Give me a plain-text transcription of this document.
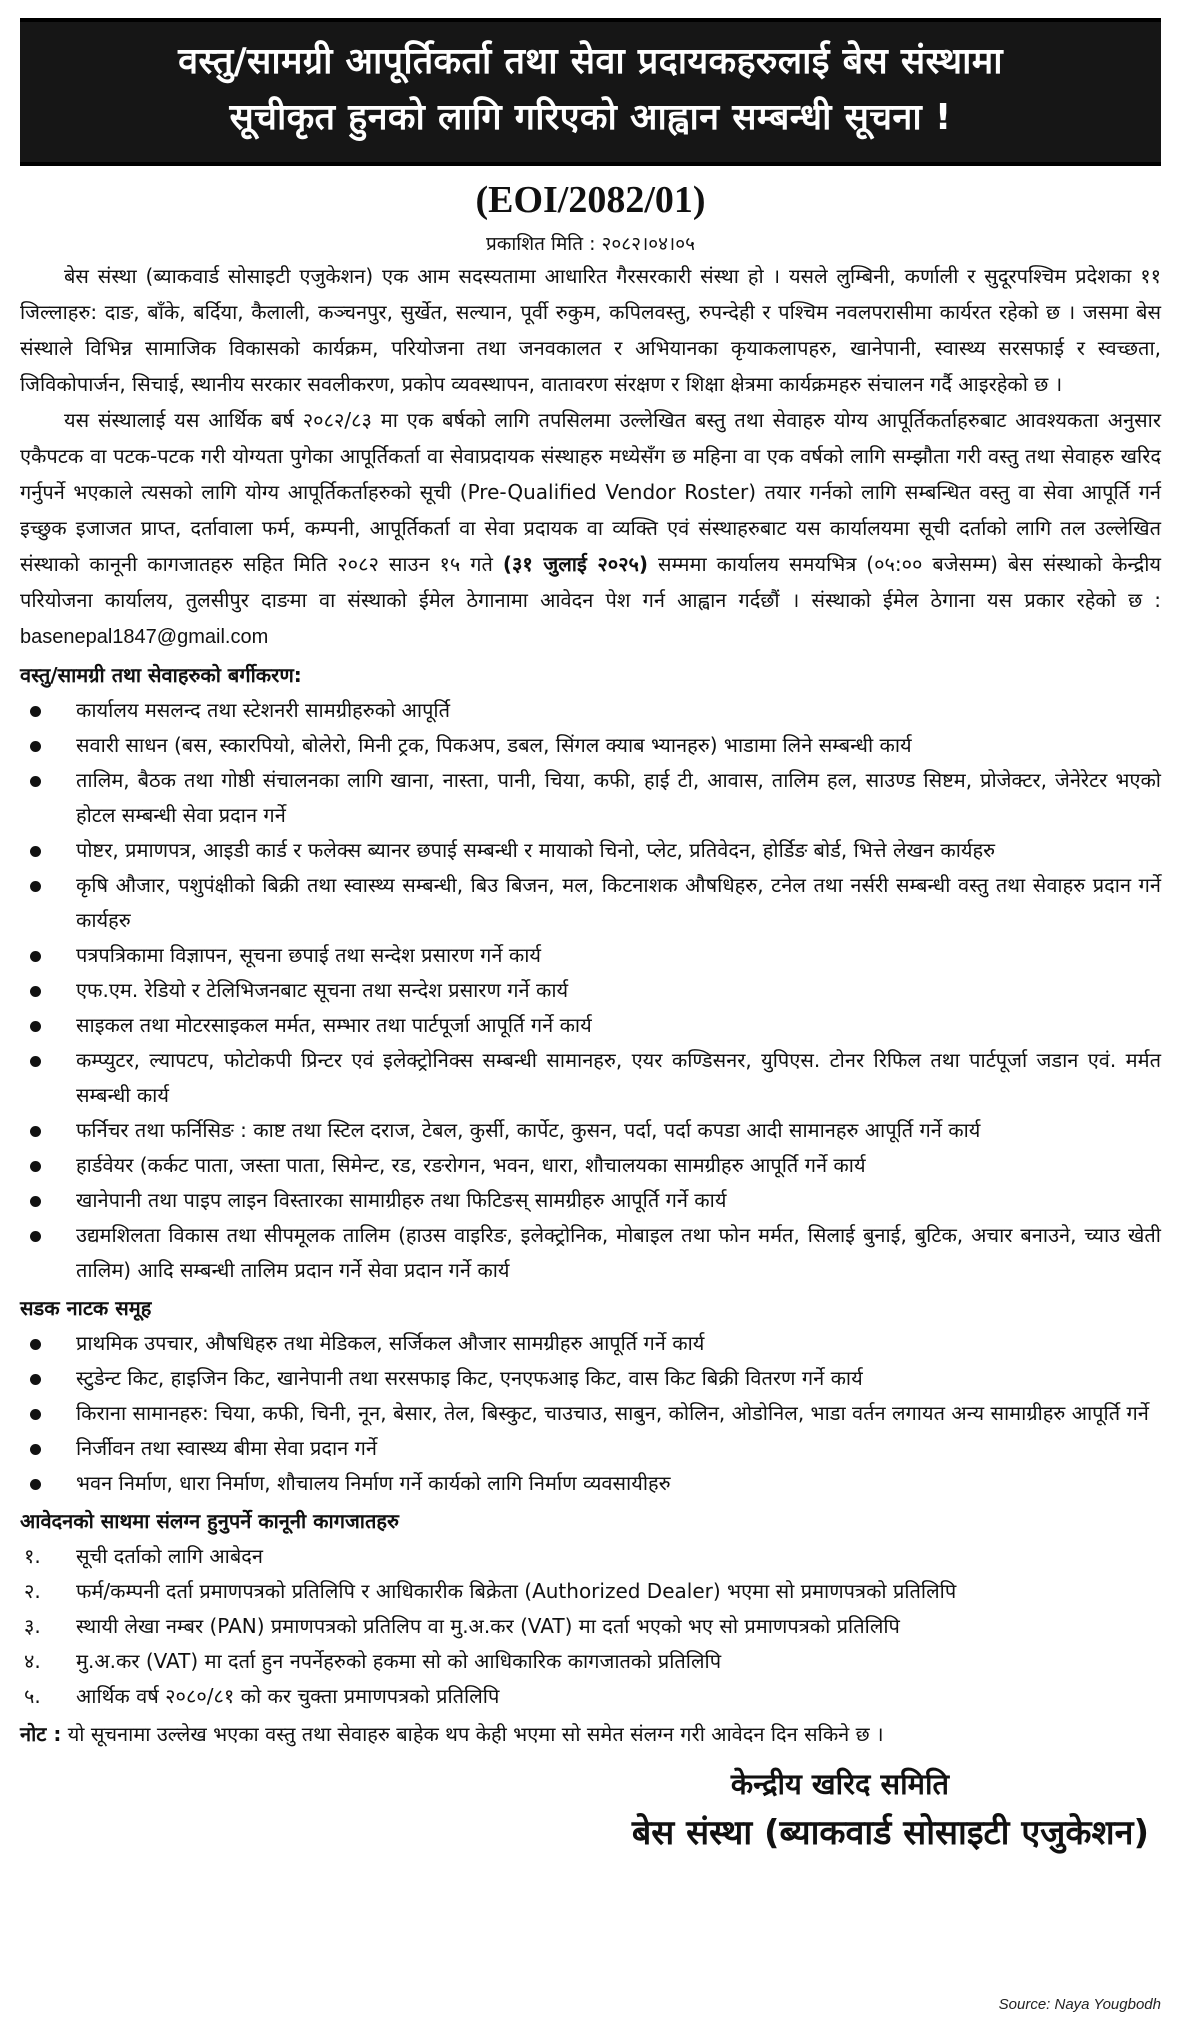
वस्तु/सामग्री आपूर्तिकर्ता तथा सेवा प्रदायकहरुलाई बेस संस्थामा
सूचीकृत हुनको लागि गरिएको आह्वान सम्बन्धी सूचना !
(EOI/2082/01)
प्रकाशित मिति : २०८२।०४।०५

बेस संस्था (ब्याकवार्ड सोसाइटी एजुकेशन) एक आम सदस्यतामा आधारित गैरसरकारी संस्था हो । यसले लुम्बिनी, कर्णाली र सुदूरपश्चिम प्रदेशका ११ जिल्लाहरु: दाङ, बाँके, बर्दिया, कैलाली, कञ्चनपुर, सुर्खेत, सल्यान, पूर्वी रुकुम, कपिलवस्तु, रुपन्देही र पश्चिम नवलपरासीमा कार्यरत रहेको छ । जसमा बेस संस्थाले विभिन्न सामाजिक विकासको कार्यक्रम, परियोजना तथा जनवकालत र अभियानका कृयाकलापहरु, खानेपानी, स्वास्थ्य सरसफाई र स्वच्छता, जिविकोपार्जन, सिचाई, स्थानीय सरकार सवलीकरण, प्रकोप व्यवस्थापन, वातावरण संरक्षण र शिक्षा क्षेत्रमा कार्यक्रमहरु संचालन गर्दै आइरहेको छ ।

यस संस्थालाई यस आर्थिक बर्ष २०८२/८३ मा एक बर्षको लागि तपसिलमा उल्लेखित बस्तु तथा सेवाहरु योग्य आपूर्तिकर्ताहरुबाट आवश्यकता अनुसार एकैपटक वा पटक-पटक गरी योग्यता पुगेका आपूर्तिकर्ता वा सेवाप्रदायक संस्थाहरु मध्येसँग छ महिना वा एक वर्षको लागि सम्झौता गरी वस्तु तथा सेवाहरु खरिद गर्नुपर्ने भएकाले त्यसको लागि योग्य आपूर्तिकर्ताहरुको सूची (Pre-Qualified Vendor Roster) तयार गर्नको लागि सम्बन्धित वस्तु वा सेवा आपूर्ति गर्न इच्छुक इजाजत प्राप्त, दर्तावाला फर्म, कम्पनी, आपूर्तिकर्ता वा सेवा प्रदायक वा व्यक्ति एवं संस्थाहरुबाट यस कार्यालयमा सूची दर्ताको लागि तल उल्लेखित संस्थाको कानूनी कागजातहरु सहित मिति २०८२ साउन १५ गते (३१ जुलाई २०२५) सम्ममा कार्यालय समयभित्र (०५:०० बजेसम्म) बेस संस्थाको केन्द्रीय परियोजना कार्यालय, तुलसीपुर दाङमा वा संस्थाको ईमेल ठेगानामा आवेदन पेश गर्न आह्वान गर्दछौं । संस्थाको ईमेल ठेगाना यस प्रकार रहेको छ : basenepal1847@gmail.com

वस्तु/सामग्री तथा सेवाहरुको बर्गीकरण:
कार्यालय मसलन्द तथा स्टेशनरी सामग्रीहरुको आपूर्ति
सवारी साधन (बस, स्कारपियो, बोलेरो, मिनी ट्रक, पिकअप, डबल, सिंगल क्याब भ्यानहरु) भाडामा लिने सम्बन्धी कार्य
तालिम, बैठक तथा गोष्ठी संचालनका लागि खाना, नास्ता, पानी, चिया, कफी, हाई टी, आवास, तालिम हल, साउण्ड सिष्टम, प्रोजेक्टर, जेनेरेटर भएको होटल सम्बन्धी सेवा प्रदान गर्ने
पोष्टर, प्रमाणपत्र, आइडी कार्ड र फलेक्स ब्यानर छपाई सम्बन्धी र मायाको चिनो, प्लेट, प्रतिवेदन, होर्डिङ बोर्ड, भित्ते लेखन कार्यहरु
कृषि औजार, पशुपंक्षीको बिक्री तथा स्वास्थ्य सम्बन्धी, बिउ बिजन, मल, किटनाशक औषधिहरु, टनेल तथा नर्सरी सम्बन्धी वस्तु तथा सेवाहरु प्रदान गर्ने कार्यहरु
पत्रपत्रिकामा विज्ञापन, सूचना छपाई तथा सन्देश प्रसारण गर्ने कार्य
एफ.एम. रेडियो र टेलिभिजनबाट सूचना तथा सन्देश प्रसारण गर्ने कार्य
साइकल तथा मोटरसाइकल मर्मत, सम्भार तथा पार्टपूर्जा आपूर्ति गर्ने कार्य
कम्प्युटर, ल्यापटप, फोटोकपी प्रिन्टर एवं इलेक्ट्रोनिक्स सम्बन्धी सामानहरु, एयर कण्डिसनर, युपिएस. टोनर रिफिल तथा पार्टपूर्जा जडान एवं. मर्मत सम्बन्धी कार्य
फर्निचर तथा फर्निसिङ : काष्ट तथा स्टिल दराज, टेबल, कुर्सी, कार्पेट, कुसन, पर्दा, पर्दा कपडा आदी सामानहरु आपूर्ति गर्ने कार्य
हार्डवेयर (कर्कट पाता, जस्ता पाता, सिमेन्ट, रड, रङरोगन, भवन, धारा, शौचालयका सामग्रीहरु आपूर्ति गर्ने कार्य
खानेपानी तथा पाइप लाइन विस्तारका सामाग्रीहरु तथा फिटिङस् सामग्रीहरु आपूर्ति गर्ने कार्य
उद्यमशिलता विकास तथा सीपमूलक तालिम (हाउस वाइरिङ, इलेक्ट्रोनिक, मोबाइल तथा फोन मर्मत, सिलाई बुनाई, बुटिक, अचार बनाउने, च्याउ खेती तालिम) आदि सम्बन्धी तालिम प्रदान गर्ने सेवा प्रदान गर्ने कार्य
सडक नाटक समूह
प्राथमिक उपचार, औषधिहरु तथा मेडिकल, सर्जिकल औजार सामग्रीहरु आपूर्ति गर्ने कार्य
स्टुडेन्ट किट, हाइजिन किट, खानेपानी तथा सरसफाइ किट, एनएफआइ किट, वास किट बिक्री वितरण गर्ने कार्य
किराना सामानहरु: चिया, कफी, चिनी, नून, बेसार, तेल, बिस्कुट, चाउचाउ, साबुन, कोलिन, ओडोनिल, भाडा वर्तन लगायत अन्य सामाग्रीहरु आपूर्ति गर्ने
निर्जीवन तथा स्वास्थ्य बीमा सेवा प्रदान गर्ने
भवन निर्माण, धारा निर्माण, शौचालय निर्माण गर्ने कार्यको लागि निर्माण व्यवसायीहरु
आवेदनको साथमा संलग्न हुनुपर्ने कानूनी कागजातहरु
१. सूची दर्ताको लागि आबेदन
२. फर्म/कम्पनी दर्ता प्रमाणपत्रको प्रतिलिपि र आधिकारीक बिक्रेता (Authorized Dealer) भएमा सो प्रमाणपत्रको प्रतिलिपि
३. स्थायी लेखा नम्बर (PAN) प्रमाणपत्रको प्रतिलिप वा मु.अ.कर (VAT) मा दर्ता भएको भए सो प्रमाणपत्रको प्रतिलिपि
४. मु.अ.कर (VAT) मा दर्ता हुन नपर्नेहरुको हकमा सो को आधिकारिक कागजातको प्रतिलिपि
५. आर्थिक वर्ष २०८०/८१ को कर चुक्ता प्रमाणपत्रको प्रतिलिपि
नोट : यो सूचनामा उल्लेख भएका वस्तु तथा सेवाहरु बाहेक थप केही भएमा सो समेत संलग्न गरी आवेदन दिन सकिने छ ।
केन्द्रीय खरिद समिति
बेस संस्था (ब्याकवार्ड सोसाइटी एजुकेशन)
Source: Naya Yougbodh
